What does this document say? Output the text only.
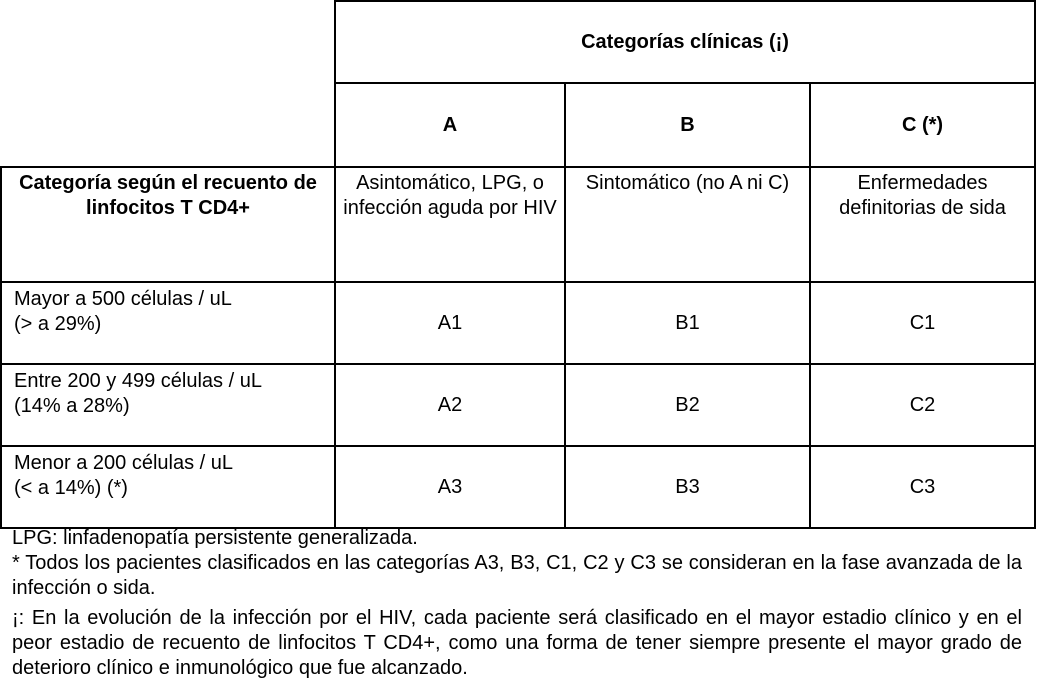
	Categorías clínicas (¡)		
	A	B	C (*)
Categoría según el recuento de linfocitos T CD4+	Asintomático, LPG, o infección aguda por HIV	Sintomático (no A ni C)	Enfermedades definitorias de sida

Mayor a 500 células / uL
(> a 29%)	A1	B1	C1

Entre 200 y 499 células / uL
(14% a 28%)	A2	B2	C2

Menor a 200 células / uL
(< a 14%) (*)	A3	B3	C3

LPG: linfadenopatía persistente generalizada.

* Todos los pacientes clasificados en las categorías A3, B3, C1, C2 y C3 se consideran en la fase avanzada de la infección o sida.

¡: En la evolución de la infección por el HIV, cada paciente será clasificado en el mayor estadio clínico y en el peor estadio de recuento de linfocitos T CD4+, como una forma de tener siempre presente el mayor grado de deterioro clínico e inmunológico que fue alcanzado.
